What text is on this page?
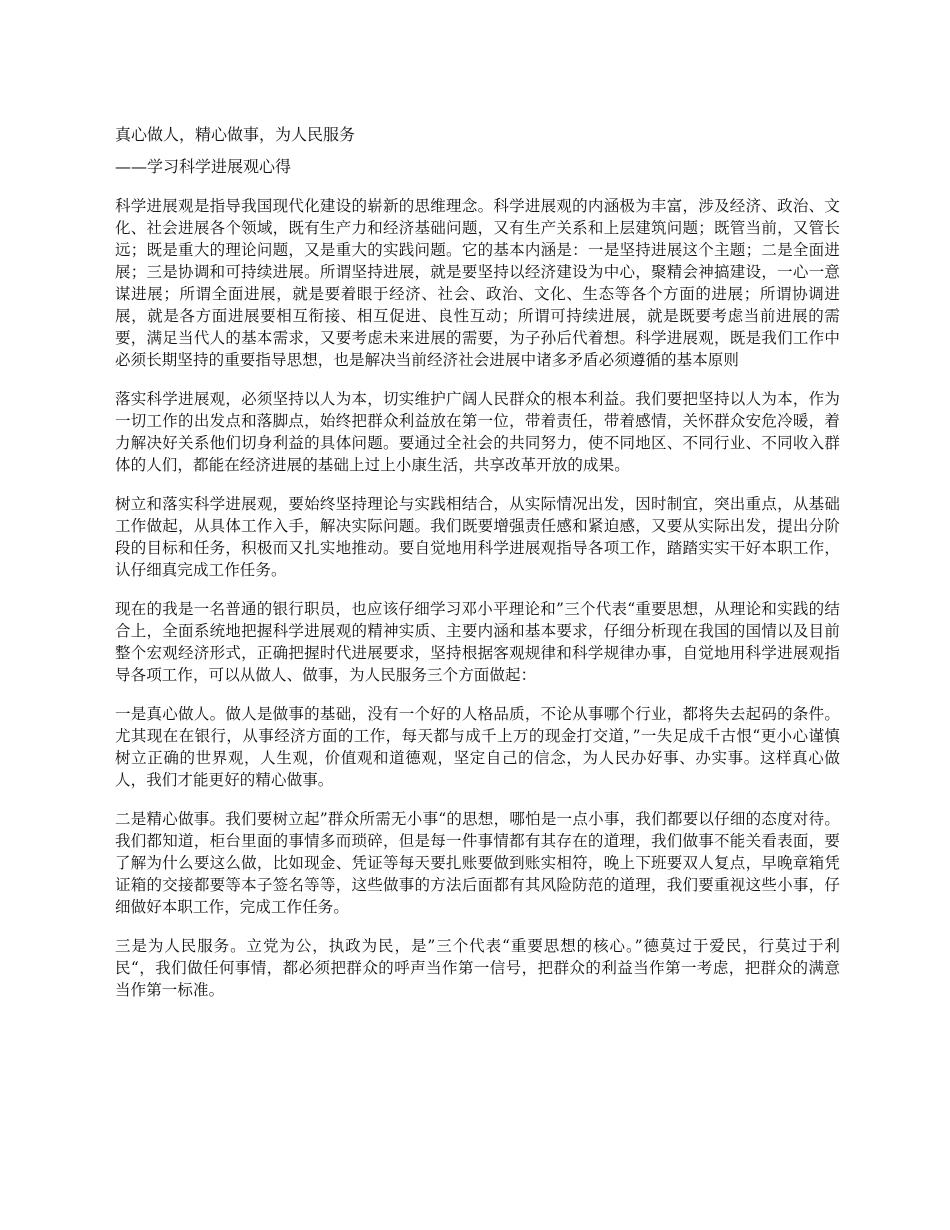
真心做人，精心做事，为人民服务
——学习科学进展观心得

科学进展观是指导我国现代化建设的崭新的思维理念。科学进展观的内涵极为丰富，涉及经济、政治、文化、社会进展各个领域，既有生产力和经济基础问题，又有生产关系和上层建筑问题；既管当前，又管长远；既是重大的理论问题，又是重大的实践问题。它的基本内涵是：一是坚持进展这个主题；二是全面进展；三是协调和可持续进展。所谓坚持进展，就是要坚持以经济建设为中心，聚精会神搞建设，一心一意谋进展；所谓全面进展，就是要着眼于经济、社会、政治、文化、生态等各个方面的进展；所谓协调进展，就是各方面进展要相互衔接、相互促进、良性互动；所谓可持续进展，就是既要考虑当前进展的需要，满足当代人的基本需求，又要考虑未来进展的需要，为子孙后代着想。科学进展观，既是我们工作中必须长期坚持的重要指导思想，也是解决当前经济社会进展中诸多矛盾必须遵循的基本原则

落实科学进展观，必须坚持以人为本，切实维护广阔人民群众的根本利益。我们要把坚持以人为本，作为一切工作的出发点和落脚点，始终把群众利益放在第一位，带着责任，带着感情，关怀群众安危冷暖，着力解决好关系他们切身利益的具体问题。要通过全社会的共同努力，使不同地区、不同行业、不同收入群体的人们，都能在经济进展的基础上过上小康生活，共享改革开放的成果。

树立和落实科学进展观，要始终坚持理论与实践相结合，从实际情况出发，因时制宜，突出重点，从基础工作做起，从具体工作入手，解决实际问题。我们既要增强责任感和紧迫感，又要从实际出发，提出分阶段的目标和任务，积极而又扎实地推动。要自觉地用科学进展观指导各项工作，踏踏实实干好本职工作，认仔细真完成工作任务。

现在的我是一名普通的银行职员，也应该仔细学习邓小平理论和”三个代表“重要思想，从理论和实践的结合上，全面系统地把握科学进展观的精神实质、主要内涵和基本要求，仔细分析现在我国的国情以及目前整个宏观经济形式，正确把握时代进展要求，坚持根据客观规律和科学规律办事，自觉地用科学进展观指导各项工作，可以从做人、做事，为人民服务三个方面做起：

一是真心做人。做人是做事的基础，没有一个好的人格品质，不论从事哪个行业，都将失去起码的条件。尤其现在在银行，从事经济方面的工作，每天都与成千上万的现金打交道，”一失足成千古恨“更小心谨慎树立正确的世界观，人生观，价值观和道德观，坚定自己的信念，为人民办好事、办实事。这样真心做人，我们才能更好的精心做事。

二是精心做事。我们要树立起”群众所需无小事“的思想，哪怕是一点小事，我们都要以仔细的态度对待。我们都知道，柜台里面的事情多而琐碎，但是每一件事情都有其存在的道理，我们做事不能关看表面，要了解为什么要这么做，比如现金、凭证等每天要扎账要做到账实相符，晚上下班要双人复点，早晚章箱凭证箱的交接都要等本子签名等等，这些做事的方法后面都有其风险防范的道理，我们要重视这些小事，仔细做好本职工作，完成工作任务。

三是为人民服务。立党为公，执政为民，是”三个代表“重要思想的核心。”德莫过于爱民，行莫过于利民“，我们做任何事情，都必须把群众的呼声当作第一信号，把群众的利益当作第一考虑，把群众的满意当作第一标准。
